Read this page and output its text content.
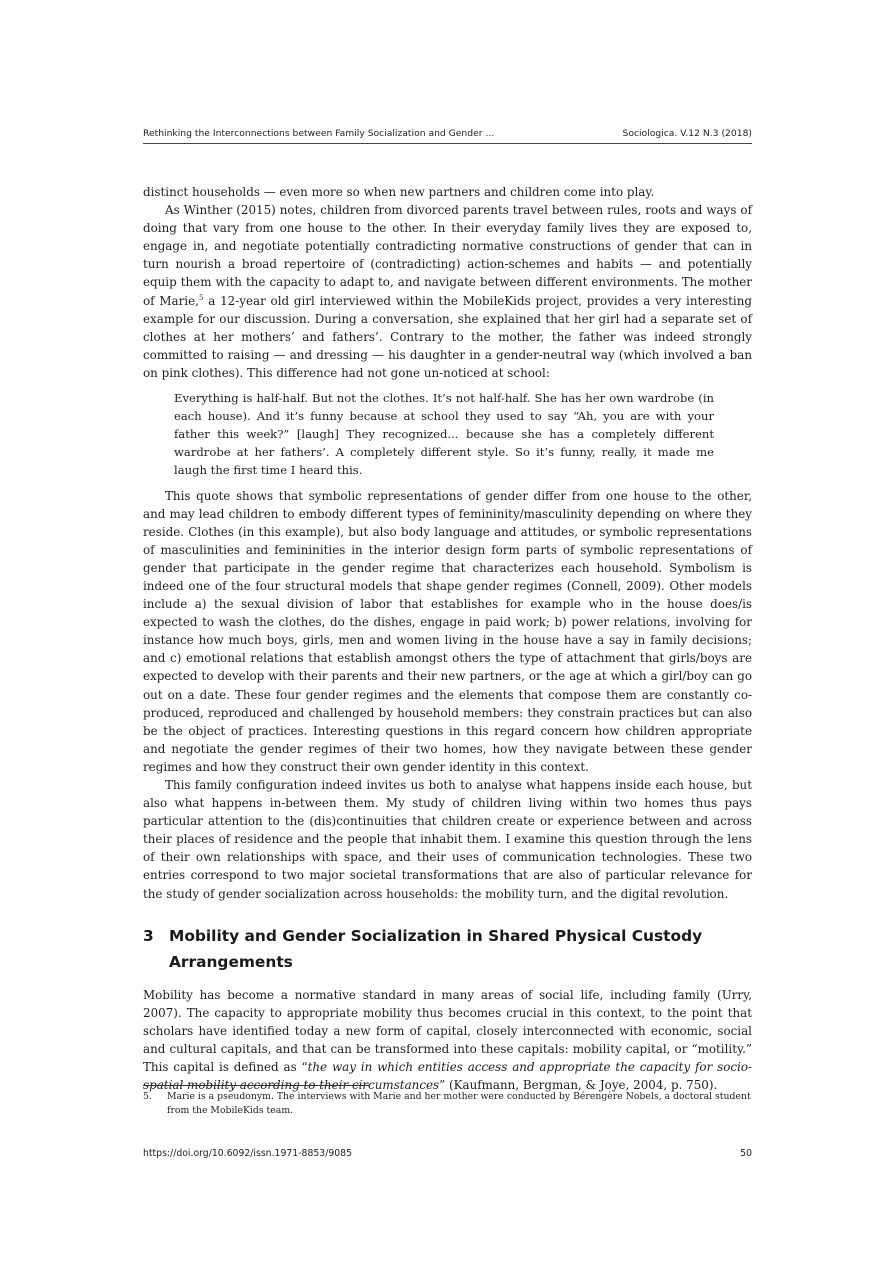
Rethinking the Interconnections between Family Socialization and Gender ...	Sociologica. V.12 N.3 (2018)

distinct households — even more so when new partners and children come into play.

As Winther (2015) notes, children from divorced parents travel between rules, roots and ways of doing that vary from one house to the other. In their everyday family lives they are exposed to, engage in, and negotiate potentially contradicting normative constructions of gender that can in turn nourish a broad repertoire of (contradicting) action-schemes and habits — and potentially equip them with the capacity to adapt to, and navigate between different environments. The mother of Marie,$^5$ a 12-year old girl interviewed within the MobileKids project, provides a very interesting example for our discussion. During a conversation, she explained that her girl had a separate set of clothes at her mothers’ and fathers’. Contrary to the mother, the father was indeed strongly committed to raising — and dressing — his daughter in a gender-neutral way (which involved a ban on pink clothes). This difference had not gone un-noticed at school:

Everything is half-half. But not the clothes. It’s not half-half. She has her own wardrobe (in each house). And it’s funny because at school they used to say “Ah, you are with your father this week?” [laugh] They recognized... because she has a completely different wardrobe at her fathers’. A completely different style. So it’s funny, really, it made me laugh the first time I heard this.

This quote shows that symbolic representations of gender differ from one house to the other, and may lead children to embody different types of femininity/masculinity depending on where they reside. Clothes (in this example), but also body language and attitudes, or symbolic representations of masculinities and femininities in the interior design form parts of symbolic representations of gender that participate in the gender regime that characterizes each household. Symbolism is indeed one of the four structural models that shape gender regimes (Connell, 2009). Other models include a) the sexual division of labor that establishes for example who in the house does/is expected to wash the clothes, do the dishes, engage in paid work; b) power relations, involving for instance how much boys, girls, men and women living in the house have a say in family decisions; and c) emotional relations that establish amongst others the type of attachment that girls/boys are expected to develop with their parents and their new partners, or the age at which a girl/boy can go out on a date. These four gender regimes and the elements that compose them are constantly co-produced, reproduced and challenged by household members: they constrain practices but can also be the object of practices. Interesting questions in this regard concern how children appropriate and negotiate the gender regimes of their two homes, how they navigate between these gender regimes and how they construct their own gender identity in this context.

This family configuration indeed invites us both to analyse what happens inside each house, but also what happens in-between them. My study of children living within two homes thus pays particular attention to the (dis)continuities that children create or experience between and across their places of residence and the people that inhabit them. I examine this question through the lens of their own relationships with space, and their uses of communication technologies. These two entries correspond to two major societal transformations that are also of particular relevance for the study of gender socialization across households: the mobility turn, and the digital revolution.

3 Mobility and Gender Socialization in Shared Physical Custody Arrangements

Mobility has become a normative standard in many areas of social life, including family (Urry, 2007). The capacity to appropriate mobility thus becomes crucial in this context, to the point that scholars have identified today a new form of capital, closely interconnected with economic, social and cultural capitals, and that can be transformed into these capitals: mobility capital, or “motility.” This capital is defined as “the way in which entities access and appropriate the capacity for socio-spatial mobility according to their circumstances” (Kaufmann, Bergman, & Joye, 2004, p. 750).

5.	Marie is a pseudonym. The interviews with Marie and her mother were conducted by Bérengère Nobels, a doctoral student from the MobileKids team.
https://doi.org/10.6092/issn.1971-8853/9085	50
